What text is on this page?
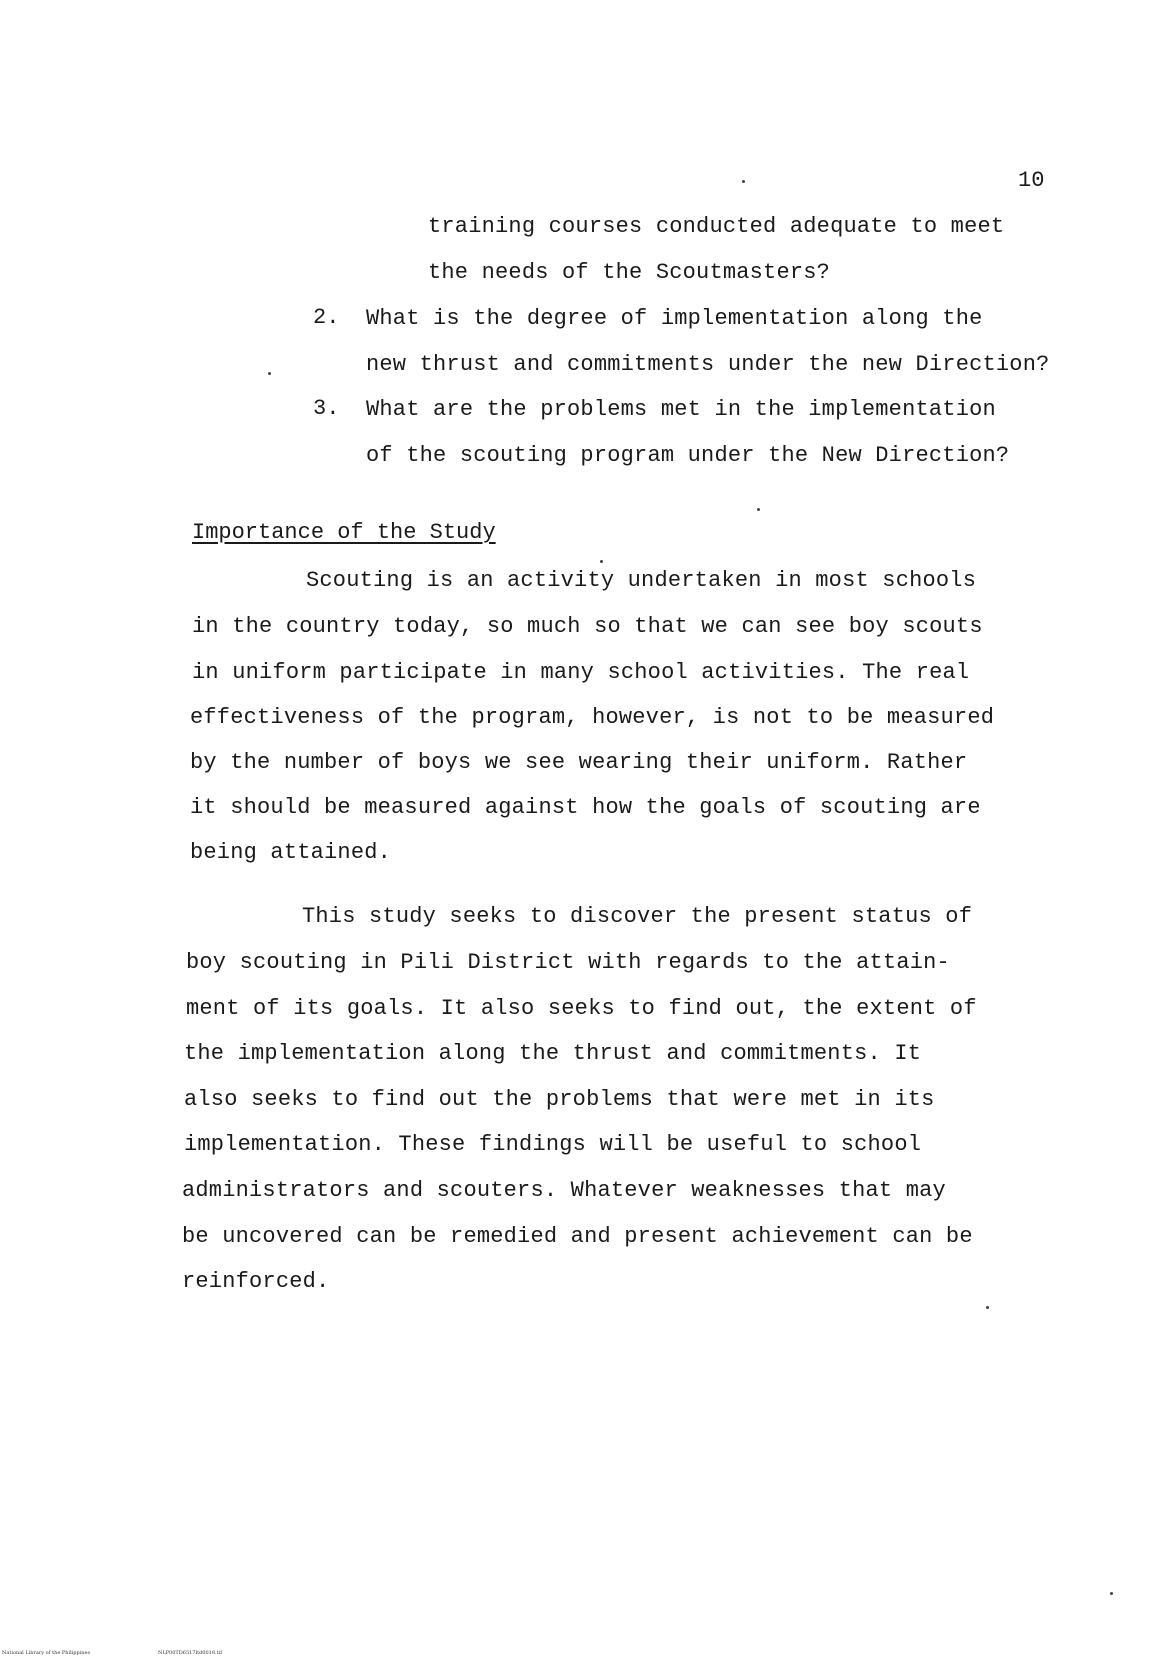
10
training courses conducted adequate to meet
the needs of the Scoutmasters?
2. What is the degree of implementation along the
new thrust and commitments under the new Direction?
3. What are the problems met in the implementation
of the scouting program under the New Direction?
Importance of the Study
Scouting is an activity undertaken in most schools
in the country today, so much so that we can see boy scouts
in uniform participate in many school activities. The real
effectiveness of the program, however, is not to be measured
by the number of boys we see wearing their uniform. Rather
it should be measured against how the goals of scouting are
being attained.
This study seeks to discover the present status of
boy scouting in Pili District with regards to the attain-
ment of its goals. It also seeks to find out, the extent of
the implementation along the thrust and commitments. It
also seeks to find out the problems that were met in its
implementation. These findings will be useful to school
administrators and scouters. Whatever weaknesses that may
be uncovered can be remedied and present achievement can be
reinforced.
National Library of the Philippines	NLP00TD6517ltd0018.tif
